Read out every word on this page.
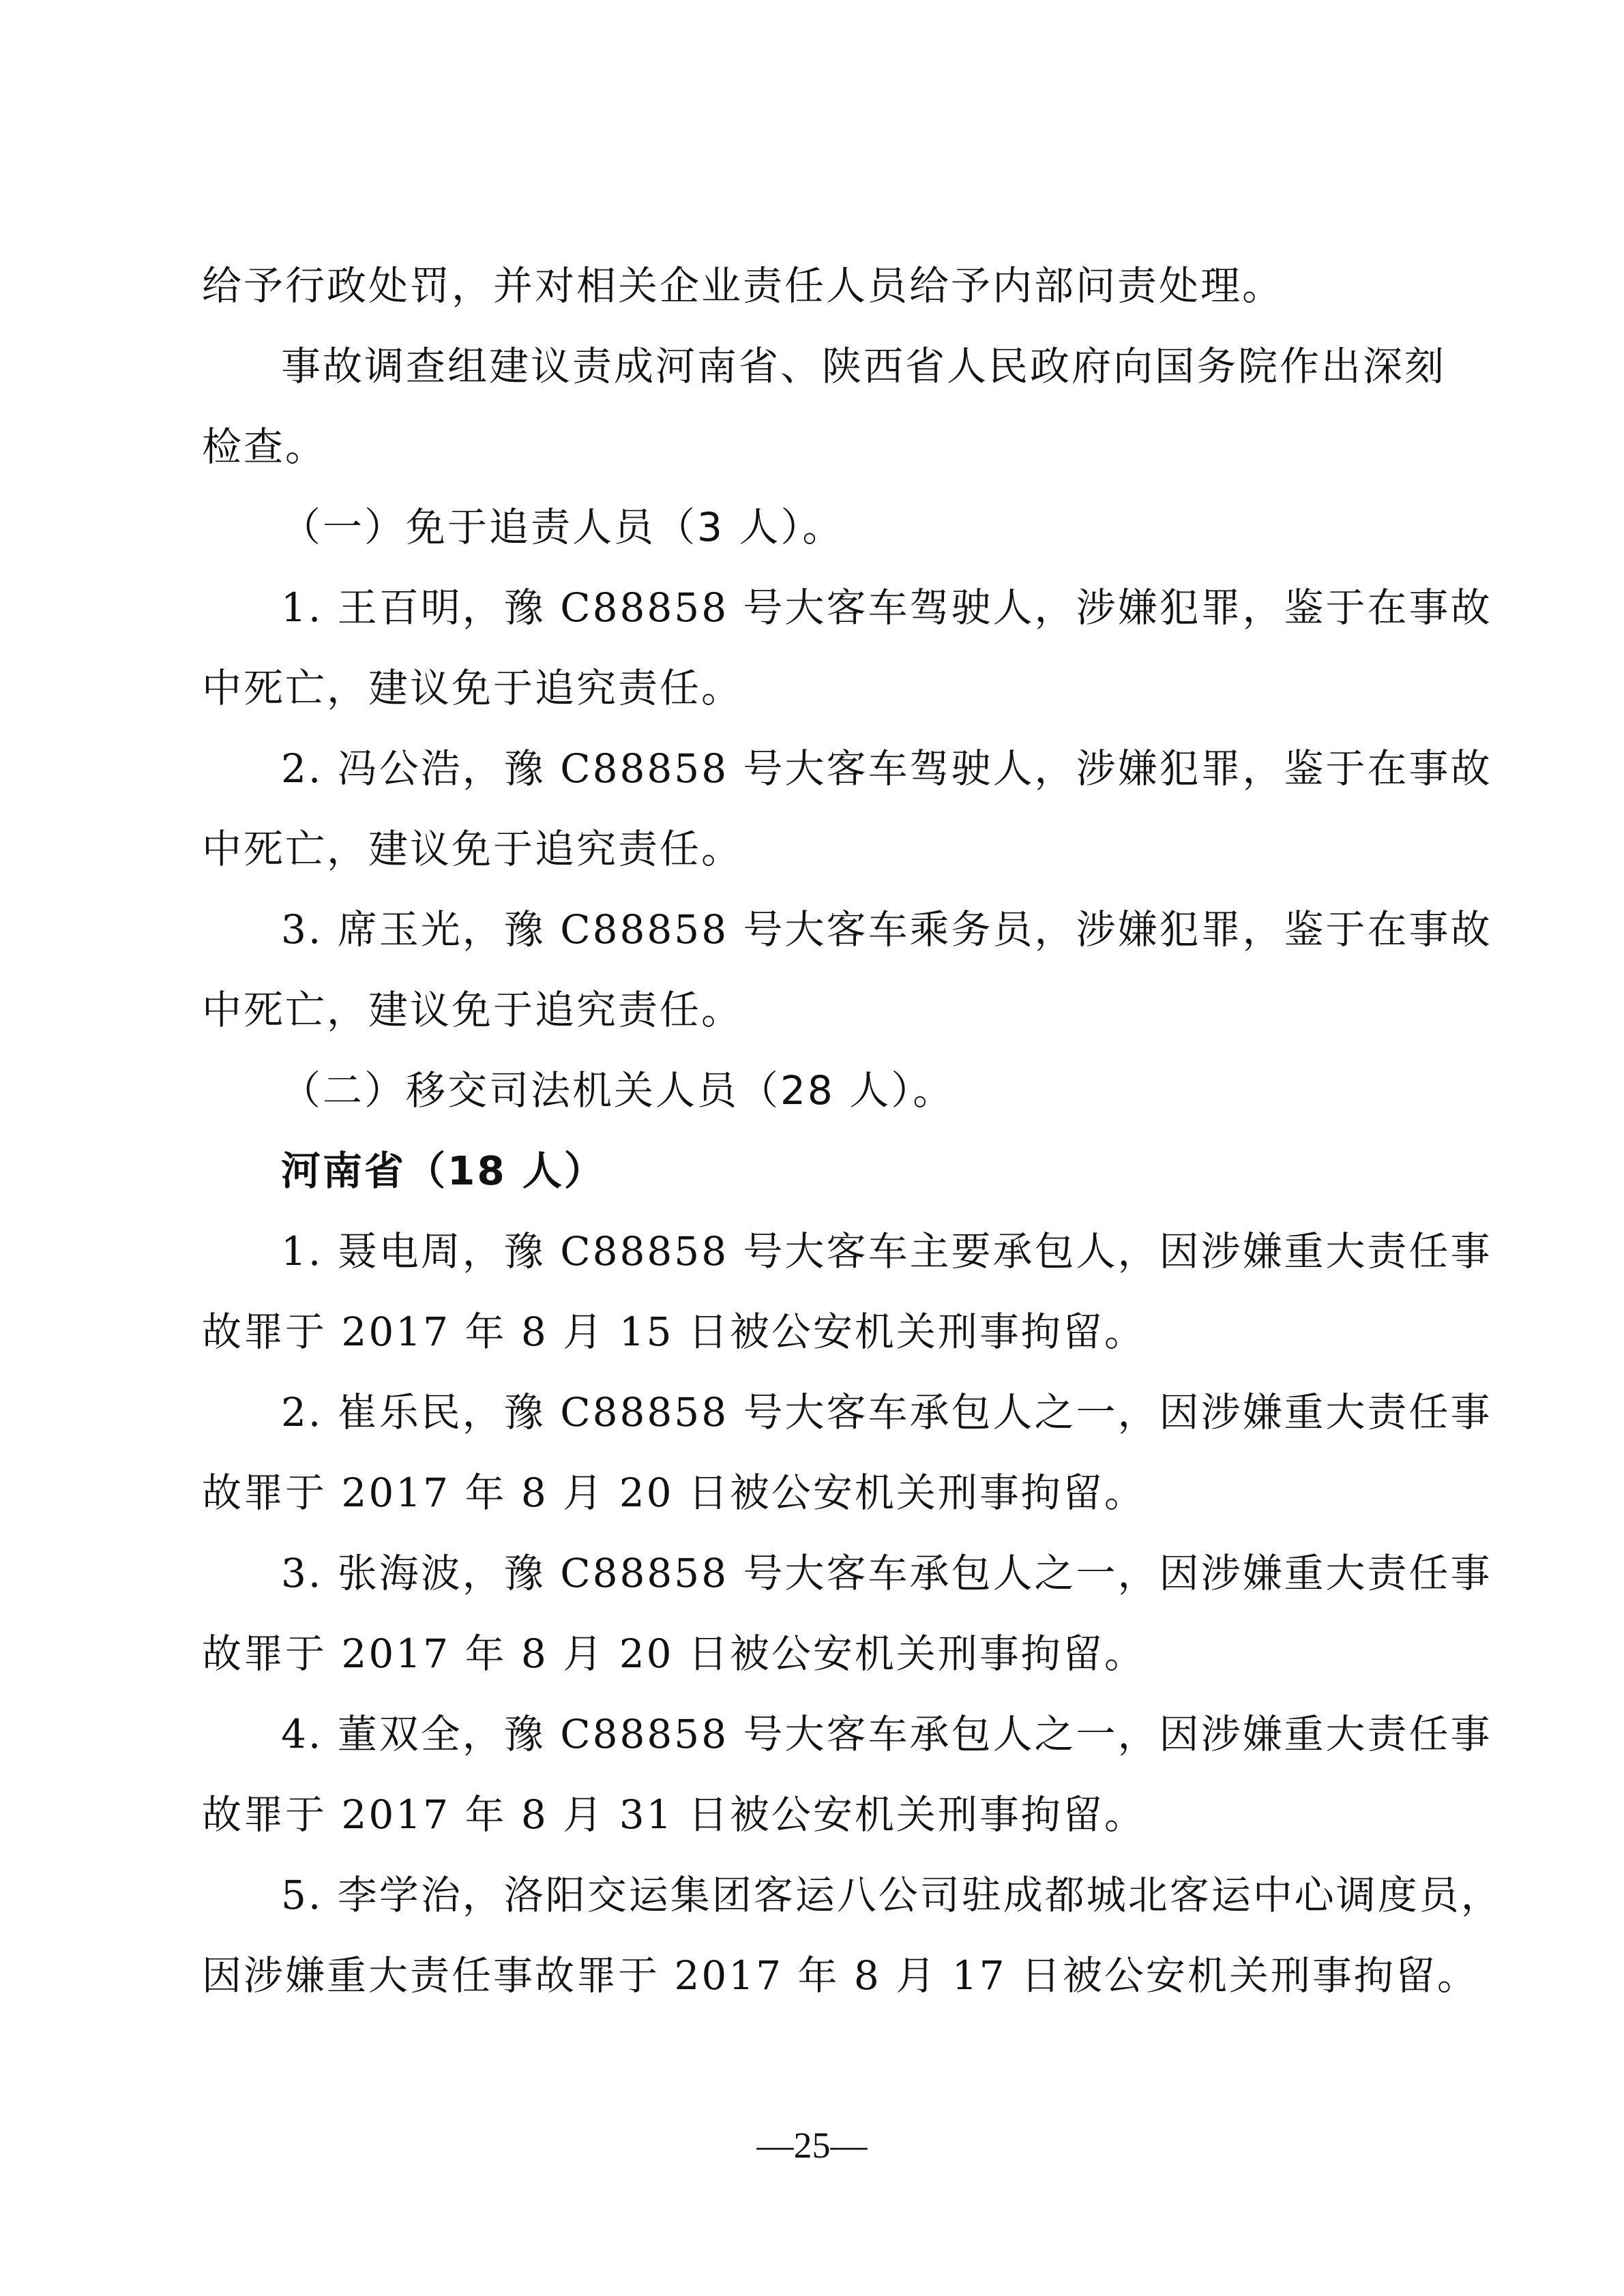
给予行政处罚，并对相关企业责任人员给予内部问责处理。
事故调查组建议责成河南省、陕西省人民政府向国务院作出深刻
检查。
（一）免于追责人员（3 人）。
1. 王百明，豫 C88858 号大客车驾驶人，涉嫌犯罪，鉴于在事故
中死亡，建议免于追究责任。
2. 冯公浩，豫 C88858 号大客车驾驶人，涉嫌犯罪，鉴于在事故
中死亡，建议免于追究责任。
3. 席玉光，豫 C88858 号大客车乘务员，涉嫌犯罪，鉴于在事故
中死亡，建议免于追究责任。
（二）移交司法机关人员（28 人）。
河南省（18 人）
1. 聂电周，豫 C88858 号大客车主要承包人，因涉嫌重大责任事
故罪于 2017 年 8 月 15 日被公安机关刑事拘留。
2. 崔乐民，豫 C88858 号大客车承包人之一，因涉嫌重大责任事
故罪于 2017 年 8 月 20 日被公安机关刑事拘留。
3. 张海波，豫 C88858 号大客车承包人之一，因涉嫌重大责任事
故罪于 2017 年 8 月 20 日被公安机关刑事拘留。
4. 董双全，豫 C88858 号大客车承包人之一，因涉嫌重大责任事
故罪于 2017 年 8 月 31 日被公安机关刑事拘留。
5. 李学治，洛阳交运集团客运八公司驻成都城北客运中心调度员，
因涉嫌重大责任事故罪于 2017 年 8 月 17 日被公安机关刑事拘留。
—25—
